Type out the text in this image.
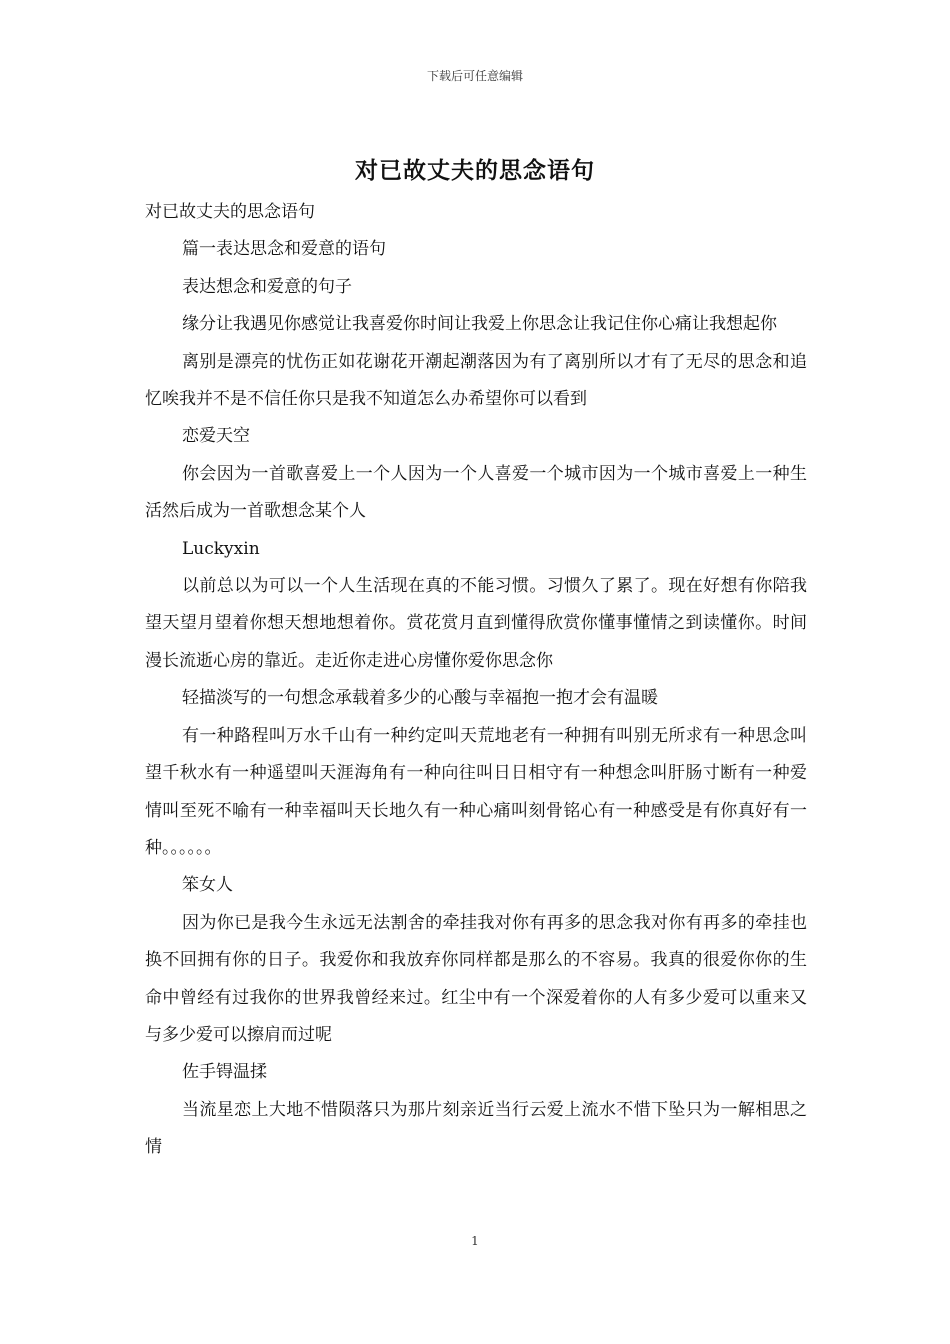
下载后可任意编辑
对已故丈夫的思念语句

对已故丈夫的思念语句

篇一表达思念和爱意的语句

表达想念和爱意的句子

缘分让我遇见你感觉让我喜爱你时间让我爱上你思念让我记住你心痛让我想起你

离别是漂亮的忧伤正如花谢花开潮起潮落因为有了离别所以才有了无尽的思念和追忆唉我并不是不信任你只是我不知道怎么办希望你可以看到

恋爱天空

你会因为一首歌喜爱上一个人因为一个人喜爱一个城市因为一个城市喜爱上一种生活然后成为一首歌想念某个人

Luckyxin

以前总以为可以一个人生活现在真的不能习惯。习惯久了累了。现在好想有你陪我望天望月望着你想天想地想着你。赏花赏月直到懂得欣赏你懂事懂情之到读懂你。时间漫长流逝心房的靠近。走近你走进心房懂你爱你思念你

轻描淡写的一句想念承载着多少的心酸与幸福抱一抱才会有温暖

有一种路程叫万水千山有一种约定叫天荒地老有一种拥有叫别无所求有一种思念叫望千秋水有一种遥望叫天涯海角有一种向往叫日日相守有一种想念叫肝肠寸断有一种爱情叫至死不喻有一种幸福叫天长地久有一种心痛叫刻骨铭心有一种感受是有你真好有一种。。。。。。

笨女人

因为你已是我今生永远无法割舍的牵挂我对你有再多的思念我对你有再多的牵挂也换不回拥有你的日子。我爱你和我放弃你同样都是那么的不容易。我真的很爱你你的生命中曾经有过我你的世界我曾经来过。红尘中有一个深爱着你的人有多少爱可以重来又与多少爱可以擦肩而过呢

佐手锝温揉

当流星恋上大地不惜陨落只为那片刻亲近当行云爱上流水不惜下坠只为一解相思之情

1
